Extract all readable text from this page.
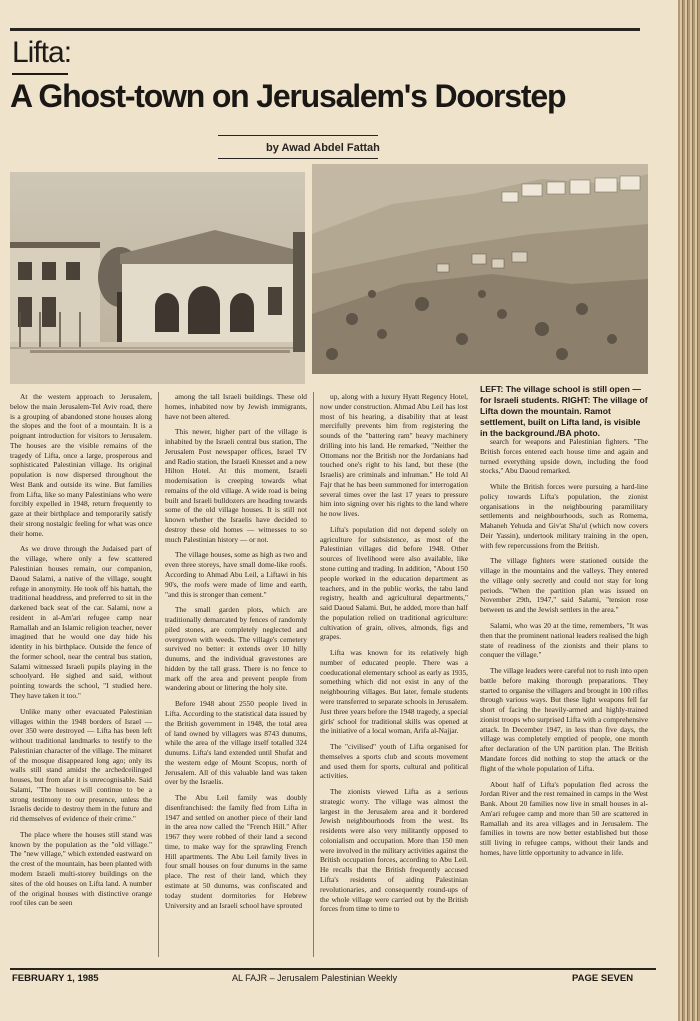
Lifta:
A Ghost-town on Jerusalem's Doorstep
by Awad Abdel Fattah
LEFT: The village school is still open — for Israeli students. RIGHT: The village of Lifta down the mountain. Ramot settlement, built on Lifta land, is visible in the background./BA photo.

At the western approach to Jerusalem, below the main Jerusalem-Tel Aviv road, there is a grouping of abandoned stone houses along the slopes and the foot of a mountain. It is a poignant introduction for visitors to Jerusalem. The houses are the visible remains of the tragedy of Lifta, once a large, prosperous and sophisticated Palestinian village. Its original population is now dispersed throughout the West Bank and outside its wine. But families from Lifta, like so many Palestinians who were forcibly expelled in 1948, return frequently to gaze at their birthplace and temporarily satisfy their strong nostalgic feeling for what was once their home.

As we drove through the Judaised part of the village, where only a few scattered Palestinian houses remain, our companion, Daoud Salami, a native of the village, sought refuge in anonymity. He took off his hattah, the traditional headdress, and preferred to sit in the darkened back seat of the car. Salami, now a resident in al-Am'ari refugee camp near Ramallah and an Islamic religion teacher, never imagined that he would one day hide his identity in his birthplace. Outside the fence of the former school, near the central bus station, Salami witnessed Israeli pupils playing in the schoolyard. He sighed and said, without pointing towards the school, "I studied here. They have taken it too."

Unlike many other evacuated Palestinian villages within the 1948 borders of Israel — over 350 were destroyed — Lifta has been left without traditional landmarks to testify to the Palestinian character of the village. The minaret of the mosque disappeared long ago; only its walls still stand amidst the archedceilinged houses, but from afar it is unrecognisable. Said Salami, "The houses will continue to be a strong testimony to our presence, unless the Israelis decide to destroy them in the future and rid themselves of evidence of their crime."

The place where the houses still stand was known by the population as the "old village." The "new village," which extended eastward on the crest of the mountain, has been planted with modern Israeli multi-storey buildings on the sites of the old houses on Lifta land. A number of the original houses with distinctive orange roof tiles can be seen

among the tall Israeli buildings. These old homes, inhabited now by Jewish immigrants, have not been altered.

This newer, higher part of the village is inhabited by the Israeli central bus station, The Jerusalem Post newspaper offices, Israel TV and Radio station, the Israeli Knesset and a new Hilton Hotel. At this moment, Israeli modernisation is creeping towards what remains of the old village. A wide road is being built and Israeli bulldozers are heading towards some of the old village houses. It is still not known whether the Israelis have decided to destroy these old homes — witnesses to so much Palestinian history — or not.

The village houses, some as high as two and even three storeys, have small dome-like roofs. According to Ahmad Abu Leil, a Liftawi in his 90's, the roofs were made of lime and earth, "and this is stronger than cement."

The small garden plots, which are traditionally demarcated by fences of randomly piled stones, are completely neglected and overgrown with weeds. The village's cemetery survived no better: it extends over 10 hilly dunums, and the individual gravestones are hidden by the tall grass. There is no fence to mark off the area and prevent people from wandering about or littering the holy site.

Before 1948 about 2550 people lived in Lifta. According to the statistical data issued by the British government in 1948, the total area of land owned by villagers was 8743 dunums, while the area of the village itself totalled 324 dunums. Lifta's land extended until Shufat and the western edge of Mount Scopus, north of Jerusalem. All of this valuable land was taken over by the Israelis.

The Abu Leil family was doubly disenfranchised: the family fled from Lifta in 1947 and settled on another piece of their land in the area now called the "French Hill." After 1967 they were robbed of their land a second time, to make way for the sprawling French Hill apartments. The Abu Leil family lives in four small houses on four dunums in the same place. The rest of their land, which they estimate at 50 dunums, was confiscated and today student dormitories for Hebrew University and an Israeli school have sprouted

up, along with a luxury Hyatt Regency Hotel, now under construction. Ahmad Abu Leil has lost most of his hearing, a disability that at least mercifully prevents him from registering the sounds of the "battering ram" heavy machinery drilling into his land. He remarked, "Neither the Ottomans nor the British nor the Jordanians had touched one's right to his land, but these (the Israelis) are criminals and inhuman." He told Al Fajr that he has been summoned for interrogation several times over the last 17 years to pressure him into signing over his rights to the land where he now lives.

Lifta's population did not depend solely on agriculture for subsistence, as most of the Palestinian villages did before 1948. Other sources of livelihood were also available, like stone cutting and trading. In addition, "About 150 people worked in the education department as teachers, and in the public works, the tabu land registry, health and agricultural departments," said Daoud Salami. But, he added, more than half the population relied on traditional agriculture: cultivation of grain, olives, almonds, figs and grapes.

Lifta was known for its relatively high number of educated people. There was a coeducational elementary school as early as 1935, something which did not exist in any of the neighbouring villages. But later, female students were transferred to separate schools in Jerusalem. Just three years before the 1948 tragedy, a special girls' school for traditional skills was opened at the initiative of a local woman, Arifa al-Najjar.

The "civilised" youth of Lifta organised for themselves a sports club and scouts movement and used them for sports, cultural and political activities.

The zionists viewed Lifta as a serious strategic worry. The village was almost the largest in the Jerusalem area and it bordered Jewish neighbourhoods from the west. Its residents were also very militantly opposed to colonialism and occupation. More than 150 men were involved in the military activities against the British occupation forces, according to Abu Leil. He recalls that the British frequently accused Lifta's residents of aiding Palestinian revolutionaries, and consequently round-ups of the whole village were carried out by the British forces from time to time to

search for weapons and Palestinian fighters. "The British forces entered each house time and again and turned everything upside down, including the food stocks," Abu Daoud remarked.

While the British forces were pursuing a hard-line policy towards Lifta's population, the zionist organisations in the neighbouring paramilitary settlements and neighbourhoods, such as Romema, Mahaneh Yehuda and Giv'at Sha'ul (which now covers Deir Yassin), undertook military training in the open, with few repercussions from the British.

The village fighters were stationed outside the village in the mountains and the valleys. They entered the village only secretly and could not stay for long periods. "When the partition plan was issued on November 29th, 1947," said Salami, "tension rose between us and the Jewish settlers in the area."

Salami, who was 20 at the time, remembers, "It was then that the prominent national leaders realised the high state of readiness of the zionists and their plans to conquer the village."

The village leaders were careful not to rush into open battle before making thorough preparations. They started to organise the villagers and brought in 100 rifles through various ways. But these light weapons fell far short of facing the heavily-armed and highly-trained zionist troops who surprised Lifta with a comprehensive attack. In December 1947, in less than five days, the village was completely emptied of people, one month after declaration of the UN partition plan. The British Mandate forces did nothing to stop the attack or the flight of the whole population of Lifta.

About half of Lifta's population fled across the Jordan River and the rest remained in camps in the West Bank. About 20 families now live in small houses in al-Am'ari refugee camp and more than 50 are scattered in Ramallah and its area villages and in Jerusalem. The families in towns are now better established but those still living in refugee camps, without their lands and homes, have little opportunity to advance in life.

FEBRUARY 1, 1985	AL FAJR – Jerusalem Palestinian Weekly	PAGE SEVEN
